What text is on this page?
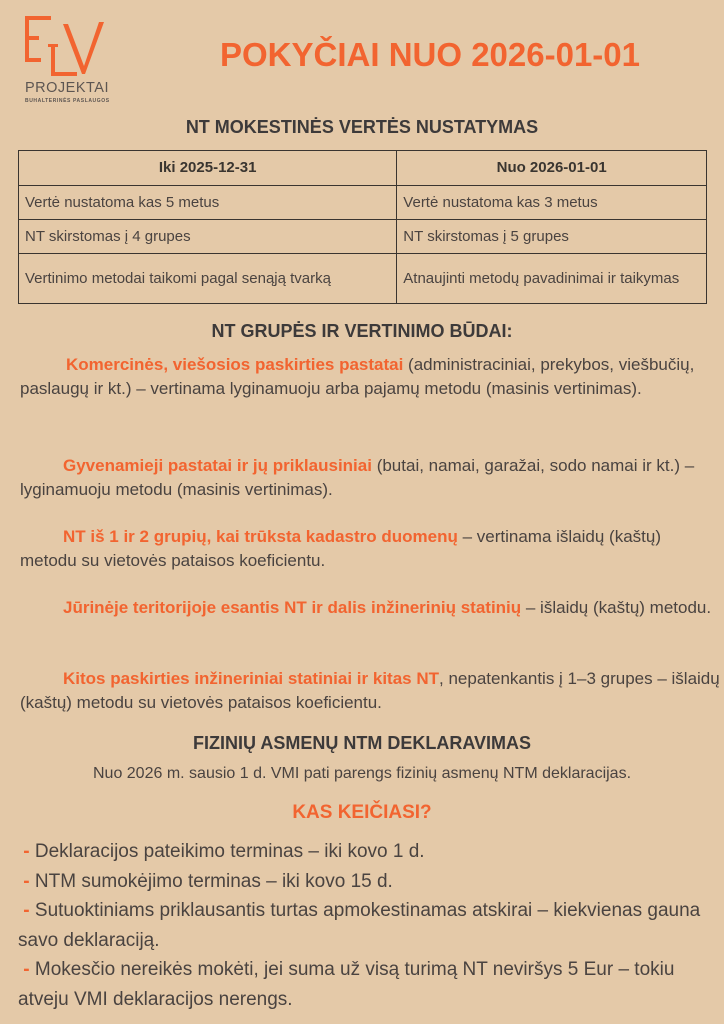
PROJEKTAI
BUHALTERINĖS PASLAUGOS
POKYČIAI NUO 2026-01-01
NT MOKESTINĖS VERTĖS NUSTATYMAS
Iki 2025-12-31	Nuo 2026-01-01
Vertė nustatoma kas 5 metus	Vertė nustatoma kas 3 metus
NT skirstomas į 4 grupes	NT skirstomas į 5 grupes
Vertinimo metodai taikomi pagal senąją tvarką	Atnaujinti metodų pavadinimai ir taikymas
NT GRUPĖS IR VERTINIMO BŪDAI:
Komercinės, viešosios paskirties pastatai (administraciniai, prekybos, viešbučių, paslaugų ir kt.) – vertinama lyginamuoju arba pajamų metodu (masinis vertinimas).
Gyvenamieji pastatai ir jų priklausiniai (butai, namai, garažai, sodo namai ir kt.) – lyginamuoju metodu (masinis vertinimas).
NT iš 1 ir 2 grupių, kai trūksta kadastro duomenų – vertinama išlaidų (kaštų) metodu su vietovės pataisos koeficientu.
Jūrinėje teritorijoje esantis NT ir dalis inžinerinių statinių – išlaidų (kaštų) metodu.
Kitos paskirties inžineriniai statiniai ir kitas NT, nepatenkantis į 1–3 grupes – išlaidų (kaštų) metodu su vietovės pataisos koeficientu.
FIZINIŲ ASMENŲ NTM DEKLARAVIMAS
Nuo 2026 m. sausio 1 d. VMI pati parengs fizinių asmenų NTM deklaracijas.
KAS KEIČIASI?
- Deklaracijos pateikimo terminas – iki kovo 1 d.
- NTM sumokėjimo terminas – iki kovo 15 d.
- Sutuoktiniams priklausantis turtas apmokestinamas atskirai – kiekvienas gauna savo deklaraciją.
- Mokesčio nereikės mokėti, jei suma už visą turimą NT neviršys 5 Eur – tokiu atveju VMI deklaracijos nerengs.
